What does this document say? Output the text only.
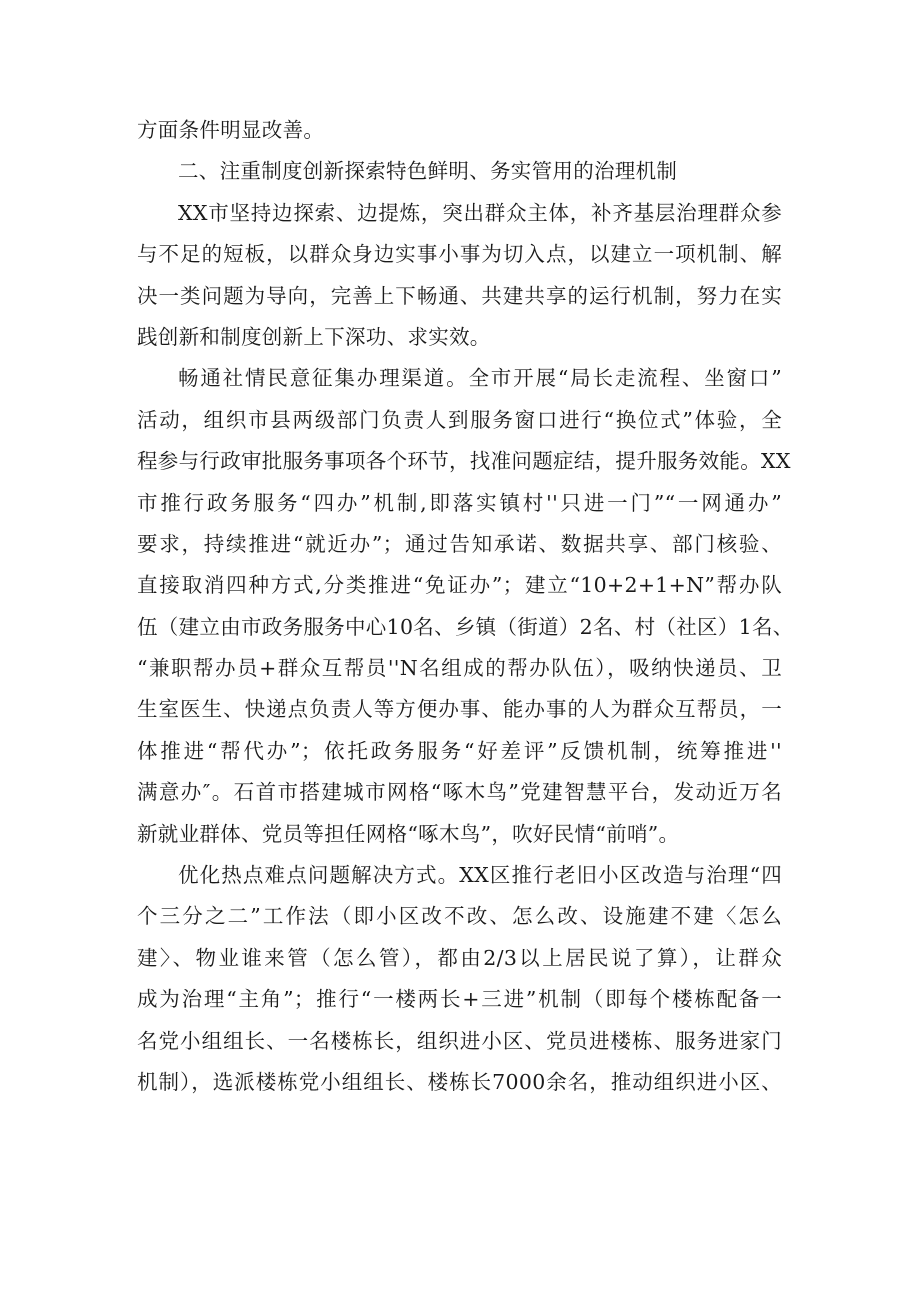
方面条件明显改善。
二、注重制度创新探索特色鲜明、务实管用的治理机制
XX市坚持边探索、边提炼，突出群众主体，补齐基层治理群众参
与不足的短板，以群众身边实事小事为切入点，以建立一项机制、解
决一类问题为导向，完善上下畅通、共建共享的运行机制，努力在实
践创新和制度创新上下深功、求实效。
畅通社情民意征集办理渠道。全市开展“局长走流程、坐窗口”
活动，组织市县两级部门负责人到服务窗口进行“换位式”体验，全
程参与行政审批服务事项各个环节，找准问题症结，提升服务效能。XX
市推行政务服务“四办”机制,即落实镇村''只进一门”“一网通办”
要求，持续推进“就近办”；通过告知承诺、数据共享、部门核验、
直接取消四种方式,分类推进“免证办”；建立“10+2+1+N”帮办队
伍（建立由市政务服务中心10名、乡镇（街道）2名、村（社区）1名、
“兼职帮办员+群众互帮员''N名组成的帮办队伍），吸纳快递员、卫
生室医生、快递点负责人等方便办事、能办事的人为群众互帮员，一
体推进“帮代办”；依托政务服务“好差评”反馈机制，统筹推进''
满意办″。石首市搭建城市网格“啄木鸟”党建智慧平台，发动近万名
新就业群体、党员等担任网格“啄木鸟”，吹好民情“前哨”。
优化热点难点问题解决方式。XX区推行老旧小区改造与治理“四
个三分之二”工作法（即小区改不改、怎么改、设施建不建〈怎么
建〉、物业谁来管（怎么管），都由2/3以上居民说了算），让群众
成为治理“主角”；推行“一楼两长+三进”机制（即每个楼栋配备一
名党小组组长、一名楼栋长，组织进小区、党员进楼栋、服务进家门
机制），选派楼栋党小组组长、楼栋长7000余名，推动组织进小区、
